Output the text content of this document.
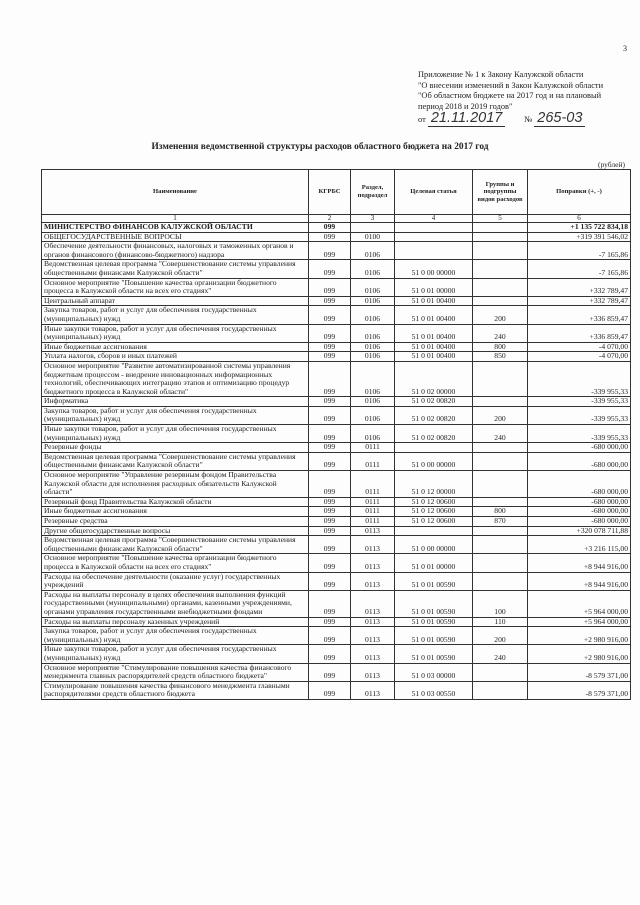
3
Приложение № 1 к Закону Калужской области
"О внесении изменений в Закон Калужской области
"Об областном бюджете на 2017 год и на плановый
период 2018 и 2019 годов"
от 21.11.2017	№ 265-03
Изменения ведомственной структуры расходов областного бюджета на 2017 год
(рублей)
Наименование	КГРБС	Раздел, подраздел	Целевая статья	Группы и подгруппы видов расходов	Поправки (+, -)
1	2	3	4	5	6
МИНИСТЕРСТВО ФИНАНСОВ КАЛУЖСКОЙ ОБЛАСТИ	099				+1 135 722 834,18
ОБЩЕГОСУДАРСТВЕННЫЕ ВОПРОСЫ	099	0100			+319 391 546,02
Обеспечение деятельности финансовых, налоговых и таможенных органов и органов финансового (финансово-бюджетного) надзора	099	0106			-7 165,86
Ведомственная целевая программа "Совершенствование системы управления общественными финансами Калужской области"	099	0106	51 0 00 00000		-7 165,86
Основное мероприятие "Повышение качества организации бюджетного процесса в Калужской области на всех его стадиях"	099	0106	51 0 01 00000		+332 789,47
Центральный аппарат	099	0106	51 0 01 00400		+332 789,47
Закупка товаров, работ и услуг для обеспечения государственных (муниципальных) нужд	099	0106	51 0 01 00400	200	+336 859,47
Иные закупки товаров, работ и услуг для обеспечения государственных (муниципальных) нужд	099	0106	51 0 01 00400	240	+336 859,47
Иные бюджетные ассигнования	099	0106	51 0 01 00400	800	-4 070,00
Уплата налогов, сборов и иных платежей	099	0106	51 0 01 00400	850	-4 070,00
Основное мероприятие "Развитие автоматизированной системы управления бюджетным процессом - внедрение инновационных информационных технологий, обеспечивающих интеграцию этапов и оптимизацию процедур бюджетного процесса в Калужской области"	099	0106	51 0 02 00000		-339 955,33
Информатика	099	0106	51 0 02 00820		-339 955,33
Закупка товаров, работ и услуг для обеспечения государственных (муниципальных) нужд	099	0106	51 0 02 00820	200	-339 955,33
Иные закупки товаров, работ и услуг для обеспечения государственных (муниципальных) нужд	099	0106	51 0 02 00820	240	-339 955,33
Резервные фонды	099	0111			-680 000,00
Ведомственная целевая программа "Совершенствование системы управления общественными финансами Калужской области"	099	0111	51 0 00 00000		-680 000,00
Основное мероприятие "Управление резервным фондом Правительства Калужской области для исполнения расходных обязательств Калужской области"	099	0111	51 0 12 00000		-680 000,00
Резервный фонд Правительства Калужской области	099	0111	51 0 12 00600		-680 000,00
Иные бюджетные ассигнования	099	0111	51 0 12 00600	800	-680 000,00
Резервные средства	099	0111	51 0 12 00600	870	-680 000,00
Другие общегосударственные вопросы	099	0113			+320 078 711,88
Ведомственная целевая программа "Совершенствование системы управления общественными финансами Калужской области"	099	0113	51 0 00 00000		+3 216 115,00
Основное мероприятие "Повышение качества организации бюджетного процесса в Калужской области на всех его стадиях"	099	0113	51 0 01 00000		+8 944 916,00
Расходы на обеспечение деятельности (оказание услуг) государственных учреждений	099	0113	51 0 01 00590		+8 944 916,00
Расходы на выплаты персоналу в целях обеспечения выполнения функций государственными (муниципальными) органами, казенными учреждениями, органами управления государственными внебюджетными фондами	099	0113	51 0 01 00590	100	+5 964 000,00
Расходы на выплаты персоналу казенных учреждений	099	0113	51 0 01 00590	110	+5 964 000,00
Закупка товаров, работ и услуг для обеспечения государственных (муниципальных) нужд	099	0113	51 0 01 00590	200	+2 980 916,00
Иные закупки товаров, работ и услуг для обеспечения государственных (муниципальных) нужд	099	0113	51 0 01 00590	240	+2 980 916,00
Основное мероприятие "Стимулирование повышения качества финансового менеджмента главных распорядителей средств областного бюджета"	099	0113	51 0 03 00000		-8 579 371,00
Стимулирование повышения качества финансового менеджмента главными распорядителями средств областного бюджета	099	0113	51 0 03 00550		-8 579 371,00
